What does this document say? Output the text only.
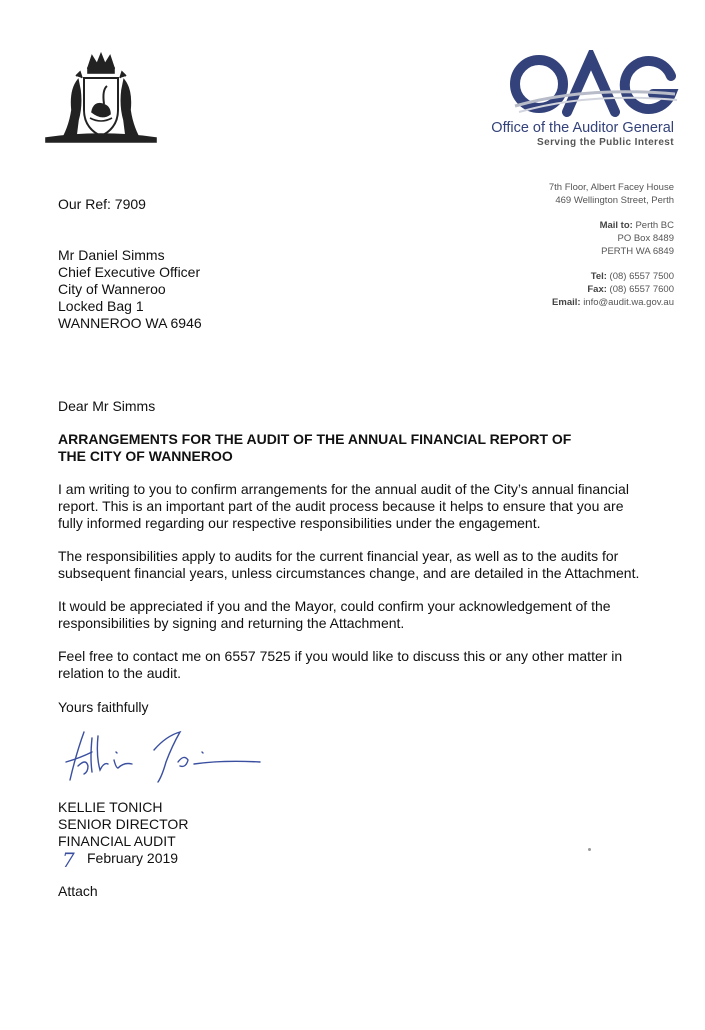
Office of the Auditor General
Serving the Public Interest
7th Floor, Albert Facey House
469 Wellington Street, Perth
Mail to: Perth BC
PO Box 8489
PERTH WA 6849
Tel: (08) 6557 7500
Fax: (08) 6557 7600
Email: info@audit.wa.gov.au
Our Ref: 7909
Mr Daniel Simms
Chief Executive Officer
City of Wanneroo
Locked Bag 1
WANNEROO WA 6946
Dear Mr Simms
ARRANGEMENTS FOR THE AUDIT OF THE ANNUAL FINANCIAL REPORT OF
THE CITY OF WANNEROO
I am writing to you to confirm arrangements for the annual audit of the City’s annual financial
report. This is an important part of the audit process because it helps to ensure that you are
fully informed regarding our respective responsibilities under the engagement.
The responsibilities apply to audits for the current financial year, as well as to the audits for
subsequent financial years, unless circumstances change, and are detailed in the Attachment.
It would be appreciated if you and the Mayor, could confirm your acknowledgement of the
responsibilities by signing and returning the Attachment.
Feel free to contact me on 6557 7525 if you would like to discuss this or any other matter in
relation to the audit.
Yours faithfully
KELLIE TONICH
SENIOR DIRECTOR
FINANCIAL AUDIT
7 February 2019
Attach
